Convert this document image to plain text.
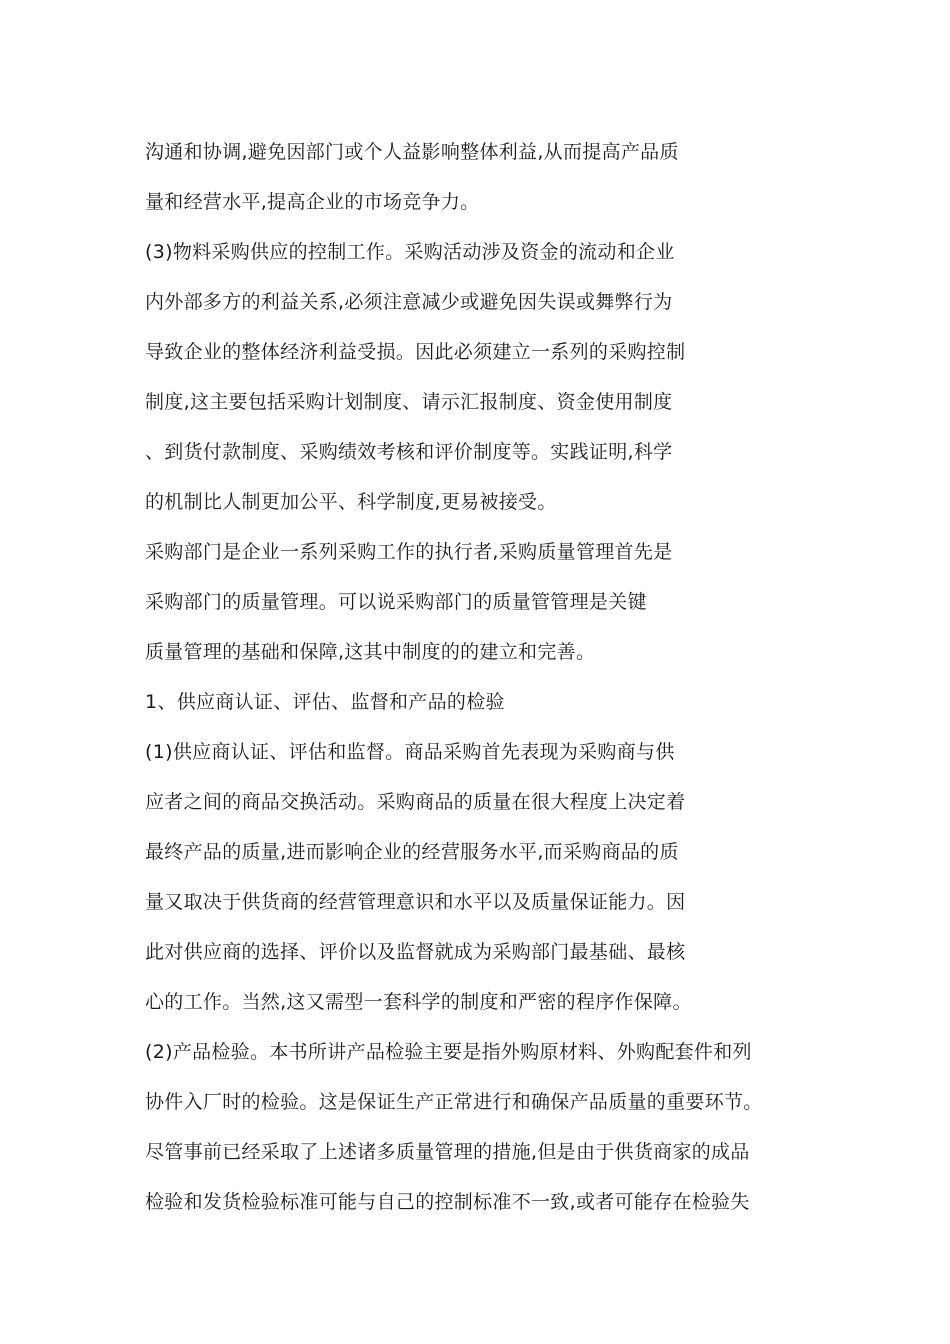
沟通和协调,避免因部门或个人益影响整体利益,从而提高产品质
量和经营水平,提高企业的市场竞争力。
(3)物料采购供应的控制工作。采购活动涉及资金的流动和企业
内外部多方的利益关系,必须注意减少或避免因失误或舞弊行为
导致企业的整体经济利益受损。因此必须建立一系列的采购控制
制度,这主要包括采购计划制度、请示汇报制度、资金使用制度
、到货付款制度、采购绩效考核和评价制度等。实践证明,科学
的机制比人制更加公平、科学制度,更易被接受。
采购部门是企业一系列采购工作的执行者,采购质量管理首先是
采购部门的质量管理。可以说采购部门的质量管管理是关键
质量管理的基础和保障,这其中制度的的建立和完善。
1、供应商认证、评估、监督和产品的检验
(1)供应商认证、评估和监督。商品采购首先表现为采购商与供
应者之间的商品交换活动。采购商品的质量在很大程度上决定着
最终产品的质量,进而影响企业的经营服务水平,而采购商品的质
量又取决于供货商的经营管理意识和水平以及质量保证能力。因
此对供应商的选择、评价以及监督就成为采购部门最基础、最核
心的工作。当然,这又需型一套科学的制度和严密的程序作保障。
(2)产品检验。本书所讲产品检验主要是指外购原材料、外购配套件和列
协件入厂时的检验。这是保证生产正常进行和确保产品质量的重要环节。
尽管事前已经采取了上述诸多质量管理的措施,但是由于供货商家的成品
检验和发货检验标准可能与自己的控制标准不一致,或者可能存在检验失
